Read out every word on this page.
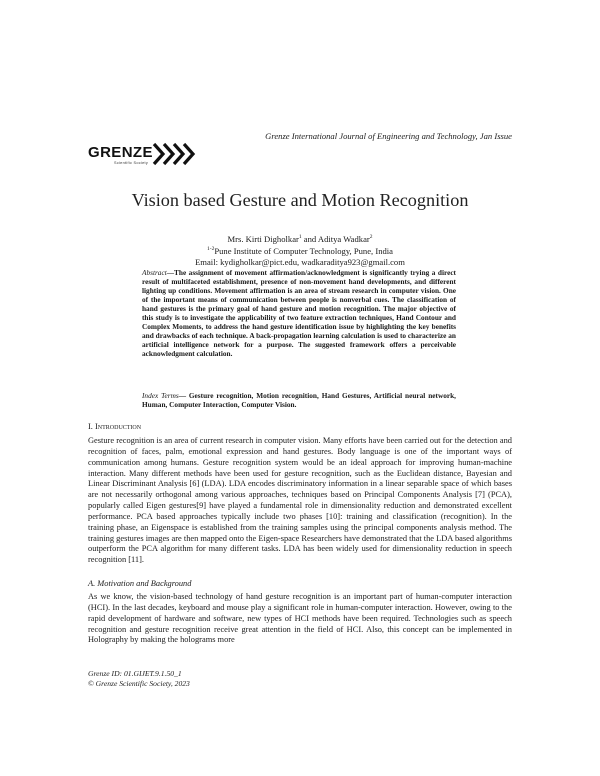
Grenze International Journal of Engineering and Technology, Jan Issue
GRENZE
Scientific Society
Vision based Gesture and Motion Recognition
Mrs. Kirti Digholkar$^1$ and Aditya Wadkar$^2$
$^{1-2}$Pune Institute of Computer Technology, Pune, India
Email: kydigholkar@pict.edu, wadkaraditya923@gmail.com
Abstract—The assignment of movement affirmation/acknowledgment is significantly trying a direct result of multifaceted establishment, presence of non-movement hand developments, and different lighting up conditions. Movement affirmation is an area of stream research in computer vision. One of the important means of communication between people is nonverbal cues. The classification of hand gestures is the primary goal of hand gesture and motion recognition. The major objective of this study is to investigate the applicability of two feature extraction techniques, Hand Contour and Complex Moments, to address the hand gesture identification issue by highlighting the key benefits and drawbacks of each technique. A back-propagation learning calculation is used to characterize an artificial intelligence network for a purpose. The suggested framework offers a perceivable acknowledgment calculation.
Index Terms— Gesture recognition, Motion recognition, Hand Gestures, Artificial neural network, Human, Computer Interaction, Computer Vision.
I. Introduction
Gesture recognition is an area of current research in computer vision. Many efforts have been carried out for the detection and recognition of faces, palm, emotional expression and hand gestures. Body language is one of the important ways of communication among humans. Gesture recognition system would be an ideal approach for improving human-machine interaction. Many different methods have been used for gesture recognition, such as the Euclidean distance, Bayesian and Linear Discriminant Analysis [6] (LDA). LDA encodes discriminatory information in a linear separable space of which bases are not necessarily orthogonal among various approaches, techniques based on Principal Components Analysis [7] (PCA), popularly called Eigen gestures[9] have played a fundamental role in dimensionality reduction and demonstrated excellent performance. PCA based approaches typically include two phases [10]: training and classification (recognition). In the training phase, an Eigenspace is established from the training samples using the principal components analysis method. The training gestures images are then mapped onto the Eigen-space Researchers have demonstrated that the LDA based algorithms outperform the PCA algorithm for many different tasks. LDA has been widely used for dimensionality reduction in speech recognition [11].
A. Motivation and Background
As we know, the vision-based technology of hand gesture recognition is an important part of human-computer interaction (HCI). In the last decades, keyboard and mouse play a significant role in human-computer interaction. However, owing to the rapid development of hardware and software, new types of HCI methods have been required. Technologies such as speech recognition and gesture recognition receive great attention in the field of HCI. Also, this concept can be implemented in Holography by making the holograms more
Grenze ID: 01.GIJET.9.1.50_1
© Grenze Scientific Society, 2023
